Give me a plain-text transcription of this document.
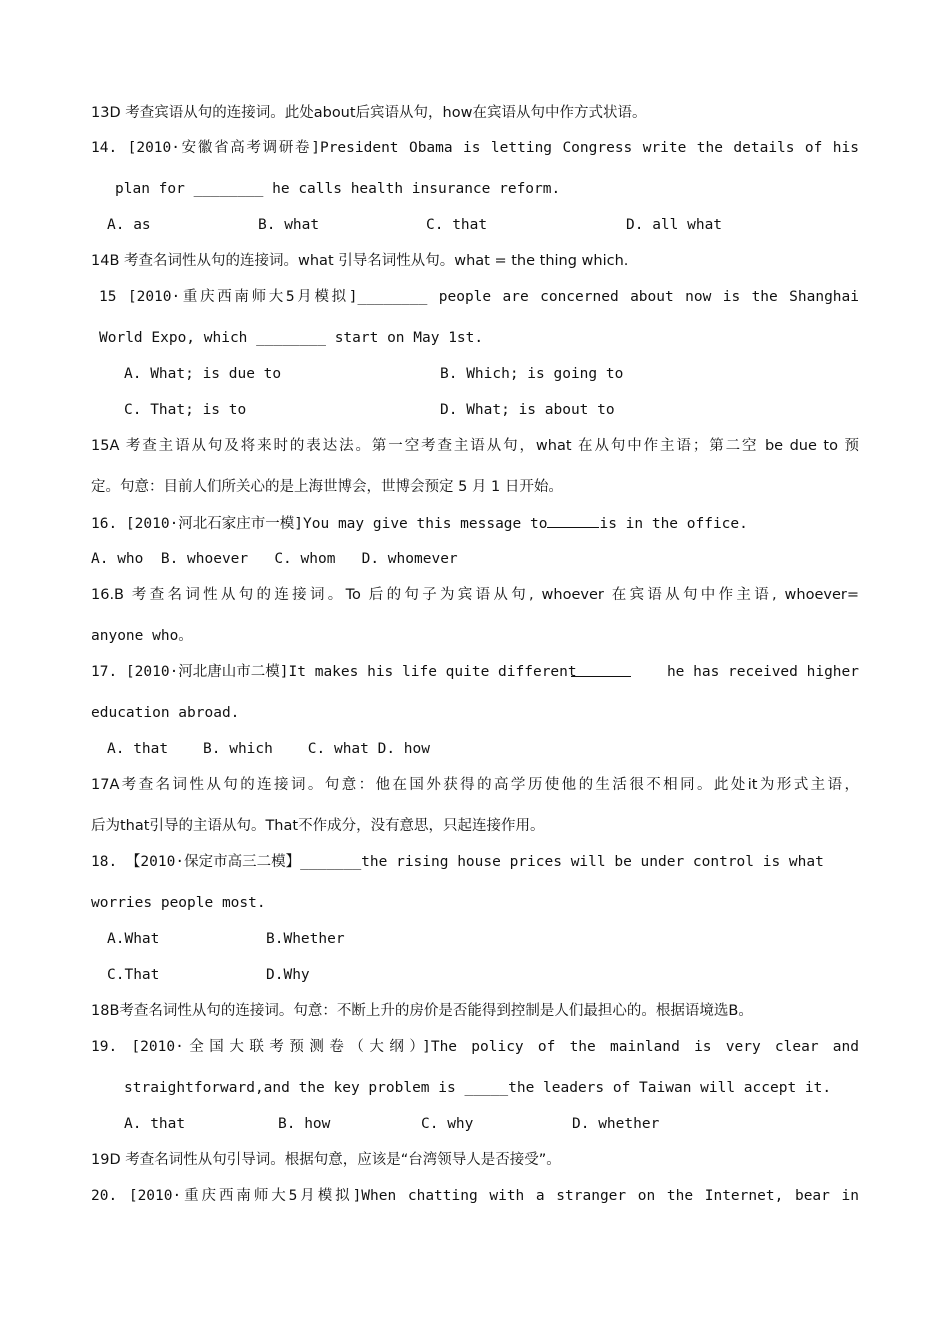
13D 考查宾语从句的连接词。此处about后宾语从句，how在宾语从句中作方式状语。
14. [2010·安徽省高考调研卷]President Obama is letting Congress write the details of his
plan for ________ he calls health insurance reform.
A. as	B. what	C. that	D. all what
14B 考查名词性从句的连接词。what 引导名词性从句。what = the thing which.
15 [2010·重庆西南师大5月模拟]________ people are concerned about now is the Shanghai
World Expo, which ________ start on May 1st.
A. What; is due to	B. Which; is going to
C. That; is to	D. What; is about to
15A 考查主语从句及将来时的表达法。第一空考查主语从句，what 在从句中作主语；第二空 be due to 预
定。句意：目前人们所关心的是上海世博会，世博会预定 5 月 1 日开始。
16. [2010·河北石家庄市一模]You may give this message to	is in the office.
A. who  B. whoever   C. whom   D. whomever
16.B 考查名词性从句的连接词。To 后的句子为宾语从句, whoever 在宾语从句中作主语, whoever=
anyone who。
17. [2010·河北唐山市二模]It makes his life quite different	he has received higher
education abroad.
A. that    B. which    C. what D. how
17A考查名词性从句的连接词。句意：他在国外获得的高学历使他的生活很不相同。此处it为形式主语，
后为that引导的主语从句。That不作成分，没有意思，只起连接作用。
18. 【2010·保定市高三二模】_______the rising house prices will be under control is what
worries people most.
A.What	B.Whether
C.That	D.Why
18B考查名词性从句的连接词。句意：不断上升的房价是否能得到控制是人们最担心的。根据语境选B。
19. [2010·全国大联考预测卷（大纲）]The policy of the mainland is very clear and
straightforward,and the key problem is _____the leaders of Taiwan will accept it.
A. that	B. how	C. why	D. whether
19D 考查名词性从句引导词。根据句意，应该是“台湾领导人是否接受”。
20. [2010·重庆西南师大5月模拟]When chatting with a stranger on the Internet, bear in
